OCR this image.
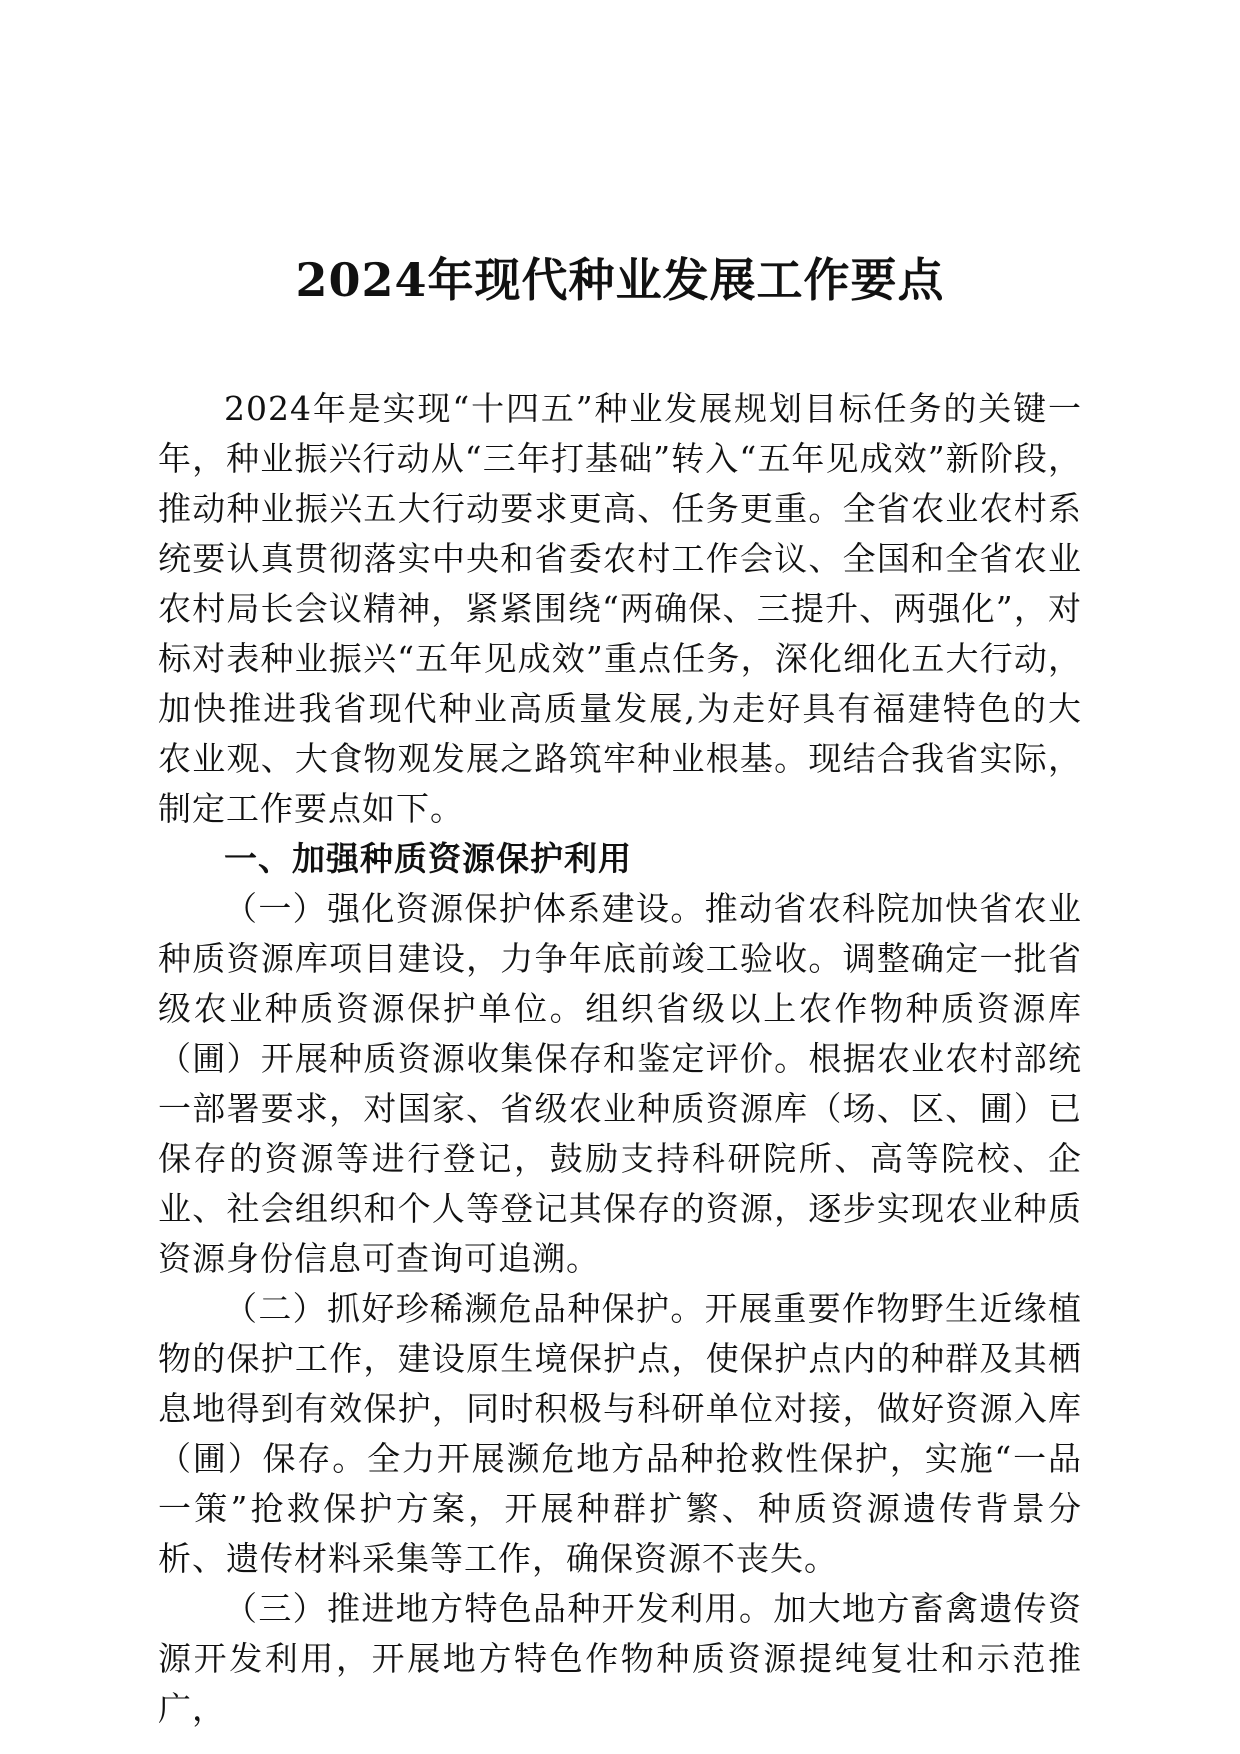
2024年现代种业发展工作要点

2024年是实现“十四五”种业发展规划目标任务的关键一年，种业振兴行动从“三年打基础”转入“五年见成效”新阶段，推动种业振兴五大行动要求更高、任务更重。全省农业农村系统要认真贯彻落实中央和省委农村工作会议、全国和全省农业农村局长会议精神，紧紧围绕“两确保、三提升、两强化”，对标对表种业振兴“五年见成效”重点任务，深化细化五大行动，加快推进我省现代种业高质量发展,为走好具有福建特色的大农业观、大食物观发展之路筑牢种业根基。现结合我省实际，制定工作要点如下。

一、加强种质资源保护利用

（一）强化资源保护体系建设。推动省农科院加快省农业种质资源库项目建设，力争年底前竣工验收。调整确定一批省级农业种质资源保护单位。组织省级以上农作物种质资源库（圃）开展种质资源收集保存和鉴定评价。根据农业农村部统一部署要求，对国家、省级农业种质资源库（场、区、圃）已保存的资源等进行登记，鼓励支持科研院所、高等院校、企业、社会组织和个人等登记其保存的资源，逐步实现农业种质资源身份信息可查询可追溯。

（二）抓好珍稀濒危品种保护。开展重要作物野生近缘植物的保护工作，建设原生境保护点，使保护点内的种群及其栖息地得到有效保护，同时积极与科研单位对接，做好资源入库（圃）保存。全力开展濒危地方品种抢救性保护，实施“一品一策”抢救保护方案，开展种群扩繁、种质资源遗传背景分析、遗传材料采集等工作，确保资源不丧失。

（三）推进地方特色品种开发利用。加大地方畜禽遗传资源开发利用，开展地方特色作物种质资源提纯复壮和示范推广，
